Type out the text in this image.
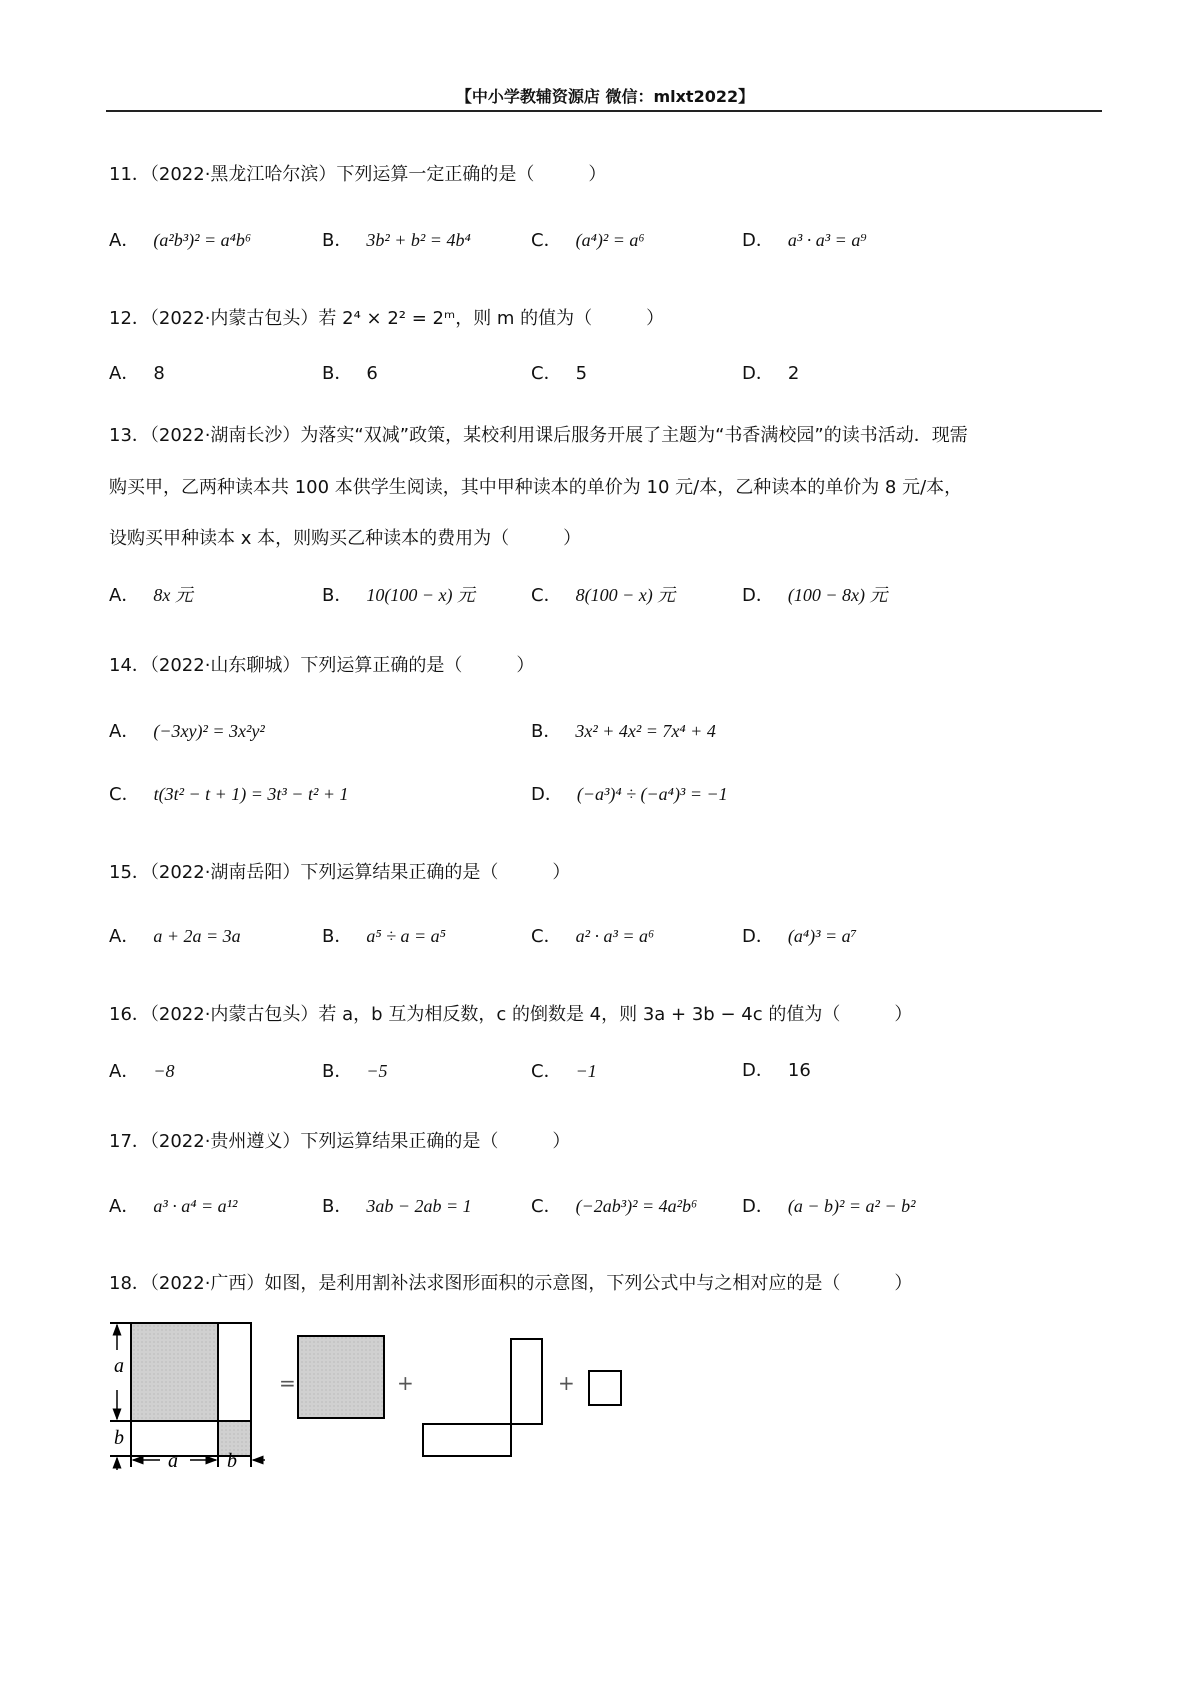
【中小学教辅资源店 微信：mlxt2022】
11．（2022·黑龙江哈尔滨）下列运算一定正确的是（　　　）
A． (a²b³)² = a⁴b⁶	B． 3b² + b² = 4b⁴	C． (a⁴)² = a⁶	D． a³ · a³ = a⁹
12．（2022·内蒙古包头）若 2⁴ × 2² = 2ᵐ，则 m 的值为（　　　）
A． 8	B． 6	C． 5	D． 2
13．（2022·湖南长沙）为落实“双减”政策，某校利用课后服务开展了主题为“书香满校园”的读书活动．现需
购买甲，乙两种读本共 100 本供学生阅读，其中甲种读本的单价为 10 元/本，乙种读本的单价为 8 元/本，
设购买甲种读本 x 本，则购买乙种读本的费用为（　　　）
A． 8x 元	B． 10(100 − x) 元	C． 8(100 − x) 元	D． (100 − 8x) 元
14．（2022·山东聊城）下列运算正确的是（　　　）
A． (−3xy)² = 3x²y²	B． 3x² + 4x² = 7x⁴ + 4
C． t(3t² − t + 1) = 3t³ − t² + 1	D． (−a³)⁴ ÷ (−a⁴)³ = −1
15．（2022·湖南岳阳）下列运算结果正确的是（　　　）
A． a + 2a = 3a	B． a⁵ ÷ a = a⁵	C． a² · a³ = a⁶	D． (a⁴)³ = a⁷
16．（2022·内蒙古包头）若 a，b 互为相反数，c 的倒数是 4，则 3a + 3b − 4c 的值为（　　　）
A． −8	B． −5	C． −1	D． 16
17．（2022·贵州遵义）下列运算结果正确的是（　　　）
A． a³ · a⁴ = a¹²	B． 3ab − 2ab = 1	C． (−2ab³)² = 4a²b⁶ D． (a − b)² = a² − b²
18．（2022·广西）如图，是利用割补法求图形面积的示意图，下列公式中与之相对应的是（　　　）
a
b
a b
=	+	+
